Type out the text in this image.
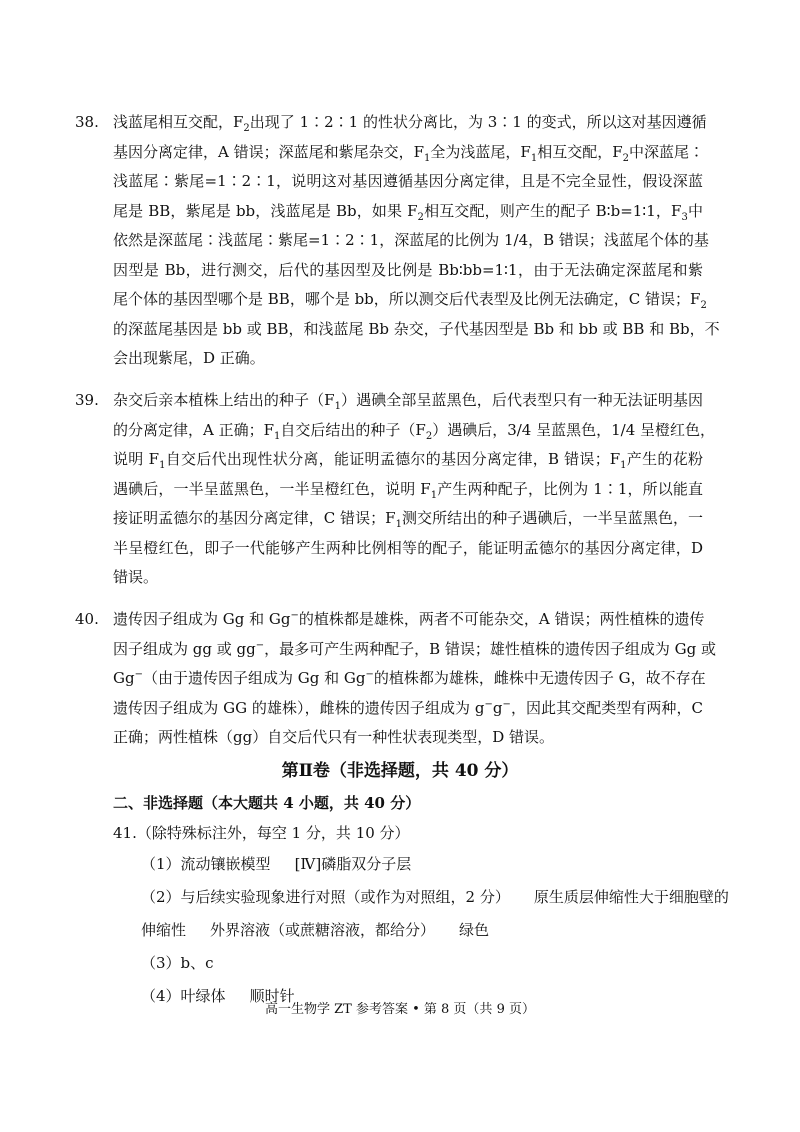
38. 浅蓝尾相互交配，$F_2$出现了 1∶2∶1 的性状分离比，为 3∶1 的变式，所以这对基因遵循
基因分离定律，A 错误；深蓝尾和紫尾杂交，$F_1$全为浅蓝尾，$F_1$相互交配，$F_2$中深蓝尾∶
浅蓝尾∶紫尾=1∶2∶1，说明这对基因遵循基因分离定律，且是不完全显性，假设深蓝
尾是 BB，紫尾是 bb，浅蓝尾是 Bb，如果 $F_2$相互交配，则产生的配子 B∶b=1∶1，$F_3$中
依然是深蓝尾∶浅蓝尾∶紫尾=1∶2∶1，深蓝尾的比例为 1/4，B 错误；浅蓝尾个体的基
因型是 Bb，进行测交，后代的基因型及比例是 Bb∶bb=1∶1，由于无法确定深蓝尾和紫
尾个体的基因型哪个是 BB，哪个是 bb，所以测交后代表型及比例无法确定，C 错误；$F_2$
的深蓝尾基因是 bb 或 BB，和浅蓝尾 Bb 杂交，子代基因型是 Bb 和 bb 或 BB 和 Bb，不
会出现紫尾，D 正确。
39. 杂交后亲本植株上结出的种子$(F_1)$遇碘全部呈蓝黑色，后代表型只有一种无法证明基因
的分离定律，A 正确；$F_1$自交后结出的种子$(F_2)$遇碘后，3/4 呈蓝黑色，1/4 呈橙红色，
说明 $F_1$自交后代出现性状分离，能证明孟德尔的基因分离定律，B 错误；$F_1$产生的花粉
遇碘后，一半呈蓝黑色，一半呈橙红色，说明 $F_1$产生两种配子，比例为 1∶1，所以能直
接证明孟德尔的基因分离定律，C 错误；$F_1$测交所结出的种子遇碘后，一半呈蓝黑色，一
半呈橙红色，即子一代能够产生两种比例相等的配子，能证明孟德尔的基因分离定律，D
错误。
40. 遗传因子组成为 Gg 和 Gg−的植株都是雄株，两者不可能杂交，A 错误；两性植株的遗传
因子组成为 gg 或 gg−，最多可产生两种配子，B 错误；雄性植株的遗传因子组成为 Gg 或
Gg−（由于遗传因子组成为 Gg 和 Gg−的植株都为雄株，雌株中无遗传因子 G，故不存在
遗传因子组成为 GG 的雄株），雌株的遗传因子组成为 g−g−，因此其交配类型有两种，C
正确；两性植株（gg）自交后代只有一种性状表现类型，D 错误。
第Ⅱ卷（非选择题，共 40 分）
二、非选择题（本大题共 4 小题，共 40 分）
41.（除特殊标注外，每空 1 分，共 10 分）
（1）流动镶嵌模型 [Ⅳ]磷脂双分子层
（2）与后续实验现象进行对照（或作为对照组，2 分） 原生质层伸缩性大于细胞壁的
伸缩性 外界溶液（或蔗糖溶液，都给分） 绿色
（3）b、c
（4）叶绿体 顺时针
高一生物学 ZT 参考答案 • 第 8 页（共 9 页）
